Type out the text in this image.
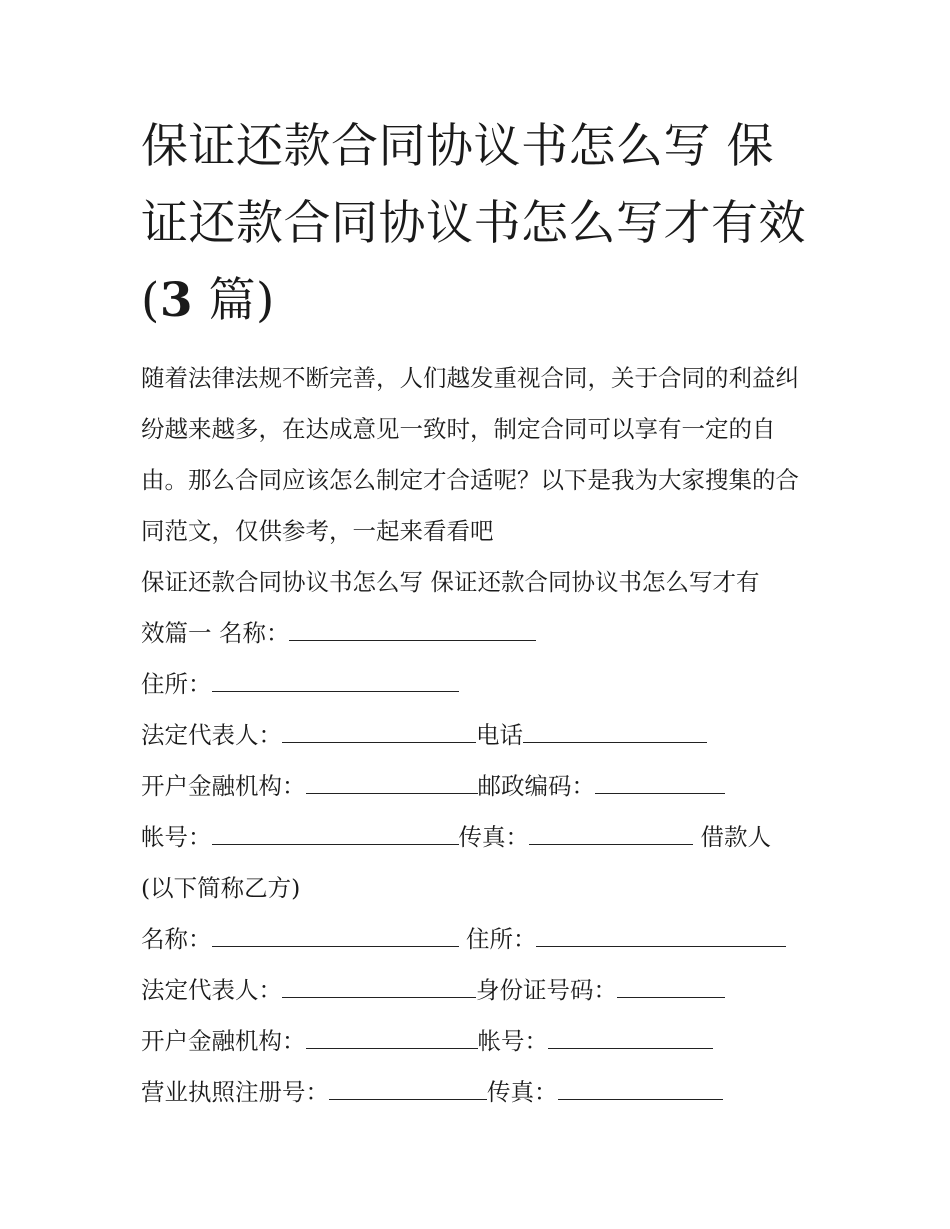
保证还款合同协议书怎么写 保证还款合同协议书怎么写才有效(3 篇)

随着法律法规不断完善，人们越发重视合同，关于合同的利益纠纷越来越多，在达成意见一致时，制定合同可以享有一定的自由。那么合同应该怎么制定才合适呢？以下是我为大家搜集的合同范文，仅供参考，一起来看看吧

保证还款合同协议书怎么写 保证还款合同协议书怎么写才有

效篇一 名称：

住所：

法定代表人：	电话

开户金融机构：	邮政编码：

帐号：	传真：	借款人

(以下简称乙方)

名称：	住所：

法定代表人：	身份证号码：

开户金融机构：	帐号：

营业执照注册号：	传真：
